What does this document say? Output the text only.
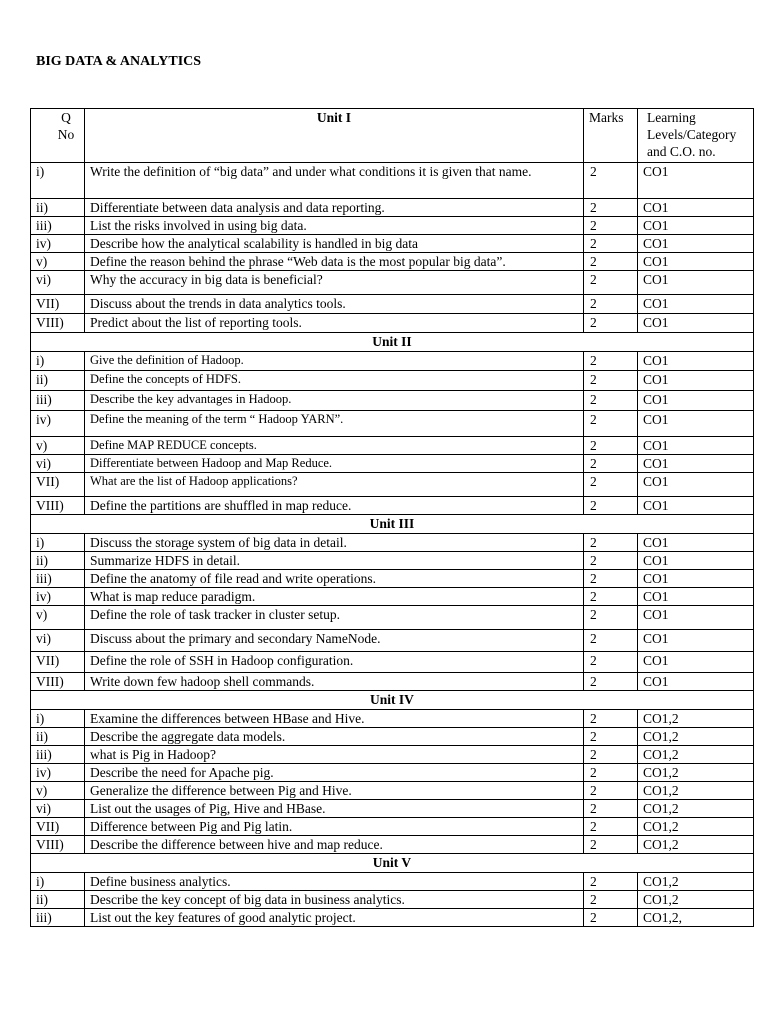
BIG DATA & ANALYTICS
Q No	Unit I	Marks	Learning Levels/Category and C.O. no.
i)	Write the definition of “big data” and under what conditions it is given that name.	2	CO1
ii)	Differentiate between data analysis and data reporting.	2	CO1
iii)	List the risks involved in using big data.	2	CO1
iv)	Describe how the analytical scalability is handled in big data	2	CO1
v)	Define the reason behind the phrase “Web data is the most popular big data”.	2	CO1
vi)	Why the accuracy in big data is beneficial?	2	CO1
VII)	Discuss about the trends in data analytics tools.	2	CO1
VIII)	Predict about the list of reporting tools.	2	CO1
Unit II			
i)	Give the definition of Hadoop.	2	CO1
ii)	Define the concepts of HDFS.	2	CO1
iii)	Describe the key advantages in Hadoop.	2	CO1
iv)	Define the meaning of the term “ Hadoop YARN”.	2	CO1
v)	Define MAP REDUCE concepts.	2	CO1
vi)	Differentiate between Hadoop and Map Reduce.	2	CO1
VII)	What are the list of Hadoop applications?	2	CO1
VIII)	Define the partitions are shuffled in map reduce.	2	CO1
Unit III			
i)	Discuss the storage system of big data in detail.	2	CO1
ii)	Summarize HDFS in detail.	2	CO1
iii)	Define the anatomy of file read and write operations.	2	CO1
iv)	What is map reduce paradigm.	2	CO1
v)	Define the role of task tracker in cluster setup.	2	CO1
vi)	Discuss about the primary and secondary NameNode.	2	CO1
VII)	Define the role of SSH in Hadoop configuration.	2	CO1
VIII)	Write down few hadoop shell commands.	2	CO1
Unit IV			
i)	Examine the differences between HBase and Hive.	2	CO1,2
ii)	Describe the aggregate data models.	2	CO1,2
iii)	what is Pig in Hadoop?	2	CO1,2
iv)	Describe the need for Apache pig.	2	CO1,2
v)	Generalize the difference between Pig and Hive.	2	CO1,2
vi)	List out the usages of Pig, Hive and HBase.	2	CO1,2
VII)	Difference between Pig and Pig latin.	2	CO1,2
VIII)	Describe the difference between hive and map reduce.	2	CO1,2
Unit V			
i)	Define business analytics.	2	CO1,2
ii)	Describe the key concept of big data in business analytics.	2	CO1,2
iii)	List out the key features of good analytic project.	2	CO1,2,
